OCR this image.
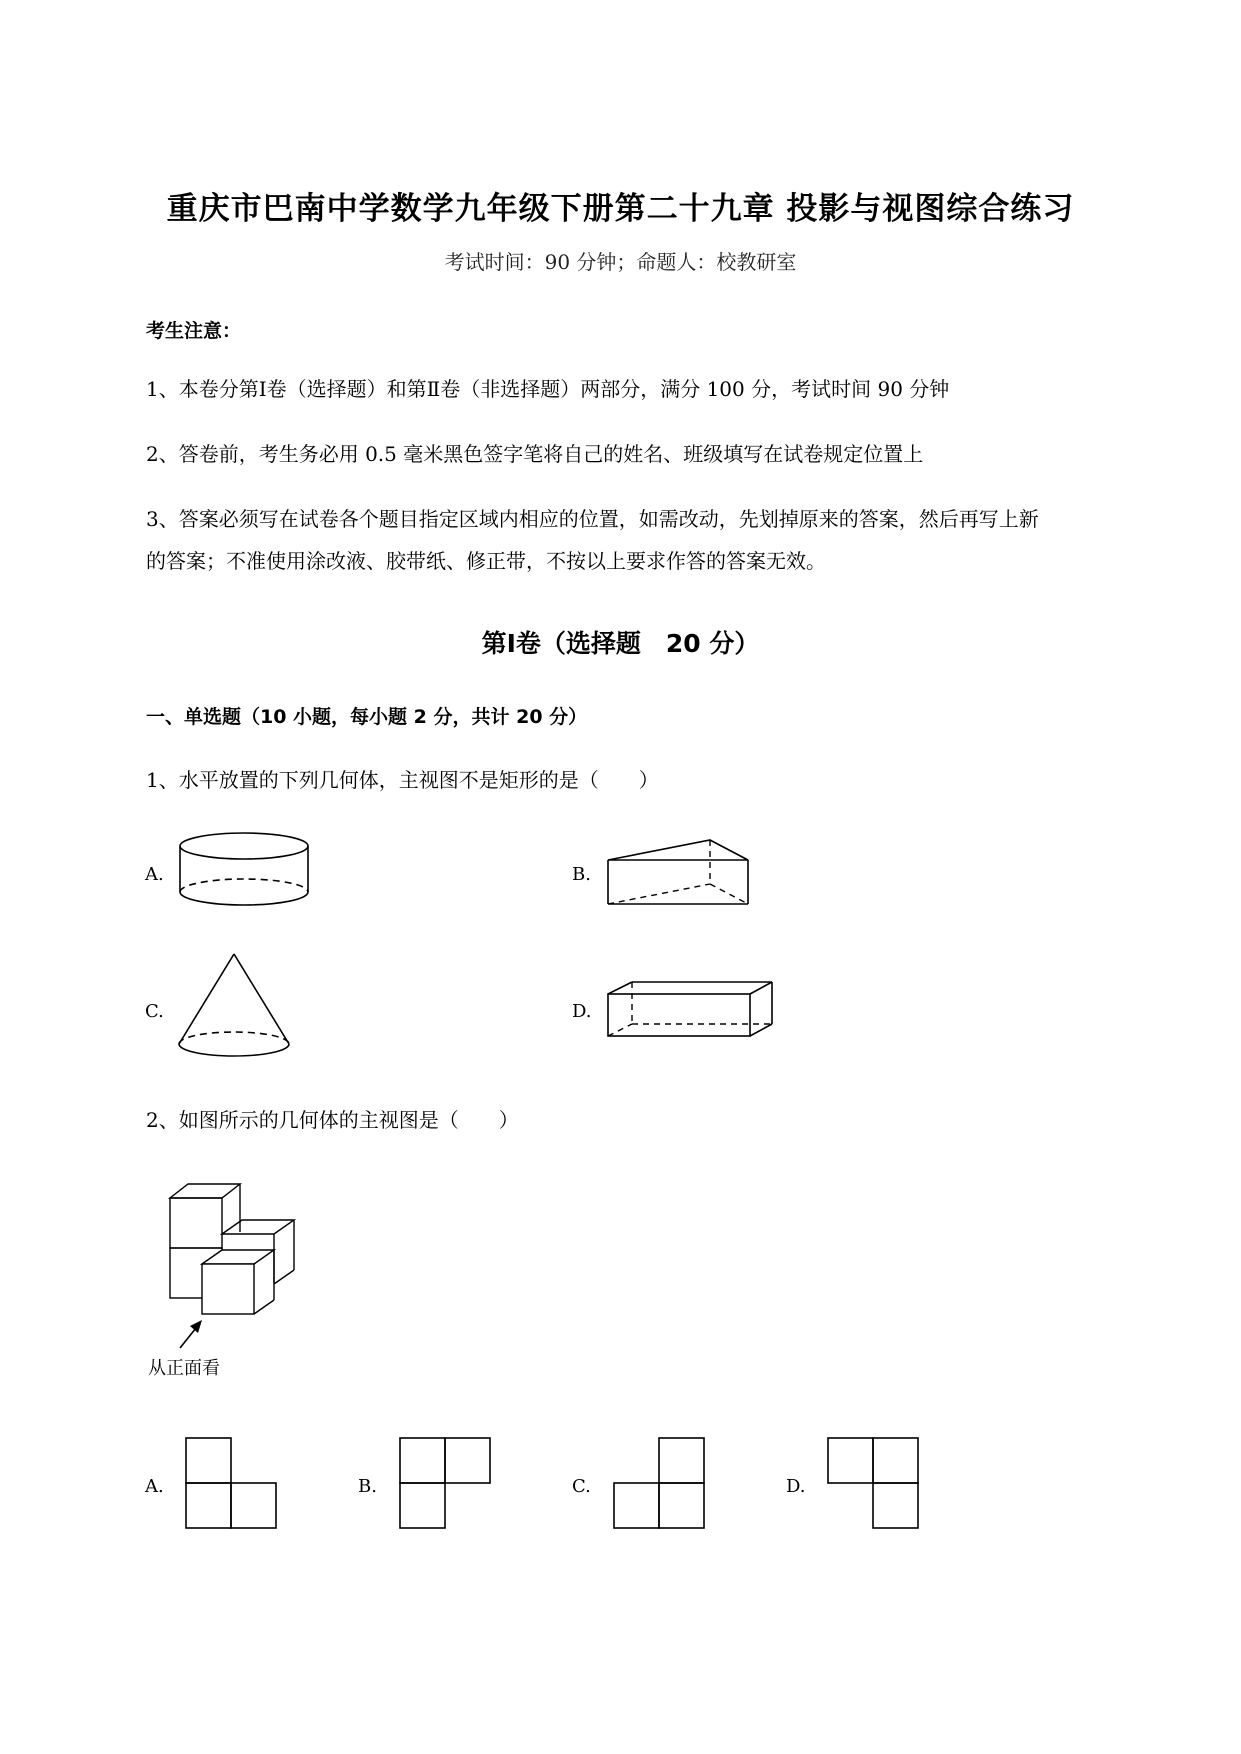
重庆市巴南中学数学九年级下册第二十九章 投影与视图综合练习
考试时间：90 分钟；命题人：校教研室
考生注意：
1、本卷分第Ⅰ卷（选择题）和第Ⅱ卷（非选择题）两部分，满分 100 分，考试时间 90 分钟
2、答卷前，考生务必用 0.5 毫米黑色签字笔将自己的姓名、班级填写在试卷规定位置上
3、答案必须写在试卷各个题目指定区域内相应的位置，如需改动，先划掉原来的答案，然后再写上新
的答案；不准使用涂改液、胶带纸、修正带，不按以上要求作答的答案无效。
第Ⅰ卷（选择题　20 分）
一、单选题（10 小题，每小题 2 分，共计 20 分）
1、水平放置的下列几何体，主视图不是矩形的是（　　）
A.	B.
C.	D.
2、如图所示的几何体的主视图是（　　）
从正面看
A.	B.	C.	D.
